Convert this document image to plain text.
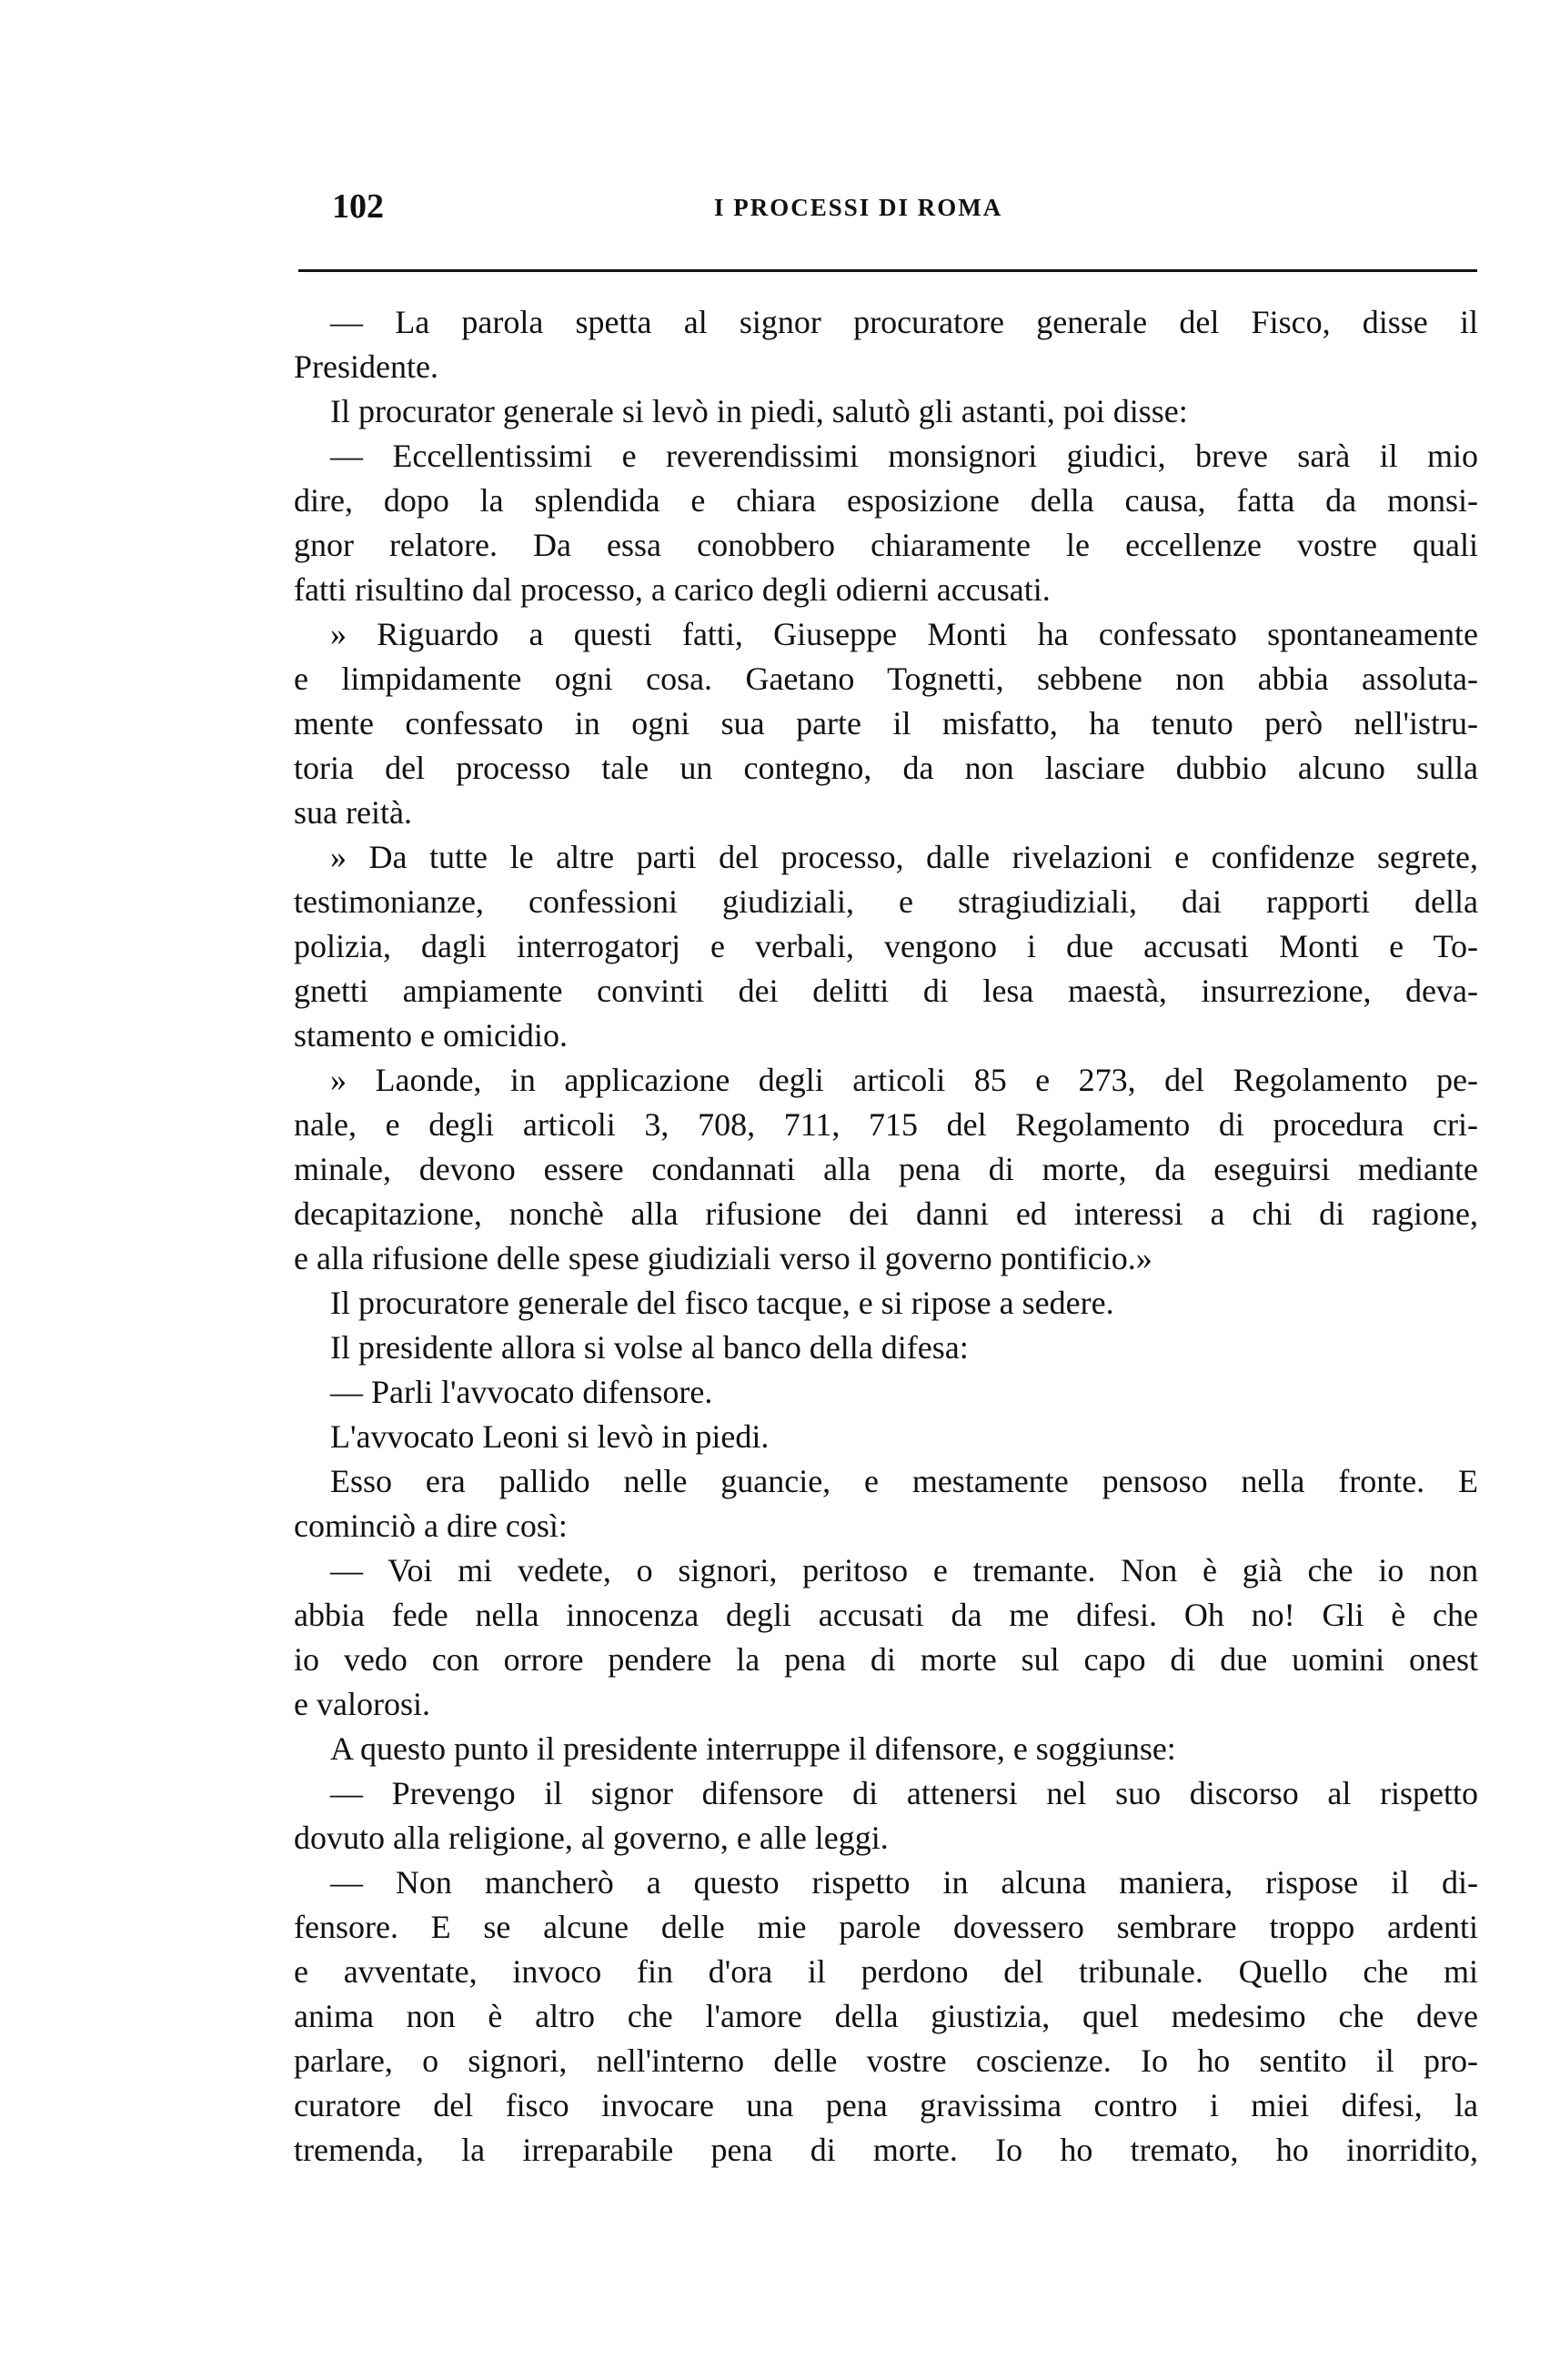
102	I PROCESSI DI ROMA
— La parola spetta al signor procuratore generale del Fisco, disse il
Presidente.
Il procurator generale si levò in piedi, salutò gli astanti, poi disse:
— Eccellentissimi e reverendissimi monsignori giudici, breve sarà il mio
dire, dopo la splendida e chiara esposizione della causa, fatta da monsi-
gnor relatore. Da essa conobbero chiaramente le eccellenze vostre quali
fatti risultino dal processo, a carico degli odierni accusati.
» Riguardo a questi fatti, Giuseppe Monti ha confessato spontaneamente
e limpidamente ogni cosa. Gaetano Tognetti, sebbene non abbia assoluta-
mente confessato in ogni sua parte il misfatto, ha tenuto però nell'istru-
toria del processo tale un contegno, da non lasciare dubbio alcuno sulla
sua reità.
» Da tutte le altre parti del processo, dalle rivelazioni e confidenze segrete,
testimonianze, confessioni giudiziali, e stragiudiziali, dai rapporti della
polizia, dagli interrogatorj e verbali, vengono i due accusati Monti e To-
gnetti ampiamente convinti dei delitti di lesa maestà, insurrezione, deva-
stamento e omicidio.
» Laonde, in applicazione degli articoli 85 e 273, del Regolamento pe-
nale, e degli articoli 3, 708, 711, 715 del Regolamento di procedura cri-
minale, devono essere condannati alla pena di morte, da eseguirsi mediante
decapitazione, nonchè alla rifusione dei danni ed interessi a chi di ragione,
e alla rifusione delle spese giudiziali verso il governo pontificio.»
Il procuratore generale del fisco tacque, e si ripose a sedere.
Il presidente allora si volse al banco della difesa:
— Parli l'avvocato difensore.
L'avvocato Leoni si levò in piedi.
Esso era pallido nelle guancie, e mestamente pensoso nella fronte. E
cominciò a dire così:
— Voi mi vedete, o signori, peritoso e tremante. Non è già che io non
abbia fede nella innocenza degli accusati da me difesi. Oh no! Gli è che
io vedo con orrore pendere la pena di morte sul capo di due uomini onest
e valorosi.
A questo punto il presidente interruppe il difensore, e soggiunse:
— Prevengo il signor difensore di attenersi nel suo discorso al rispetto
dovuto alla religione, al governo, e alle leggi.
— Non mancherò a questo rispetto in alcuna maniera, rispose il di-
fensore. E se alcune delle mie parole dovessero sembrare troppo ardenti
e avventate, invoco fin d'ora il perdono del tribunale. Quello che mi
anima non è altro che l'amore della giustizia, quel medesimo che deve
parlare, o signori, nell'interno delle vostre coscienze. Io ho sentito il pro-
curatore del fisco invocare una pena gravissima contro i miei difesi, la
tremenda, la irreparabile pena di morte. Io ho tremato, ho inorridito,
